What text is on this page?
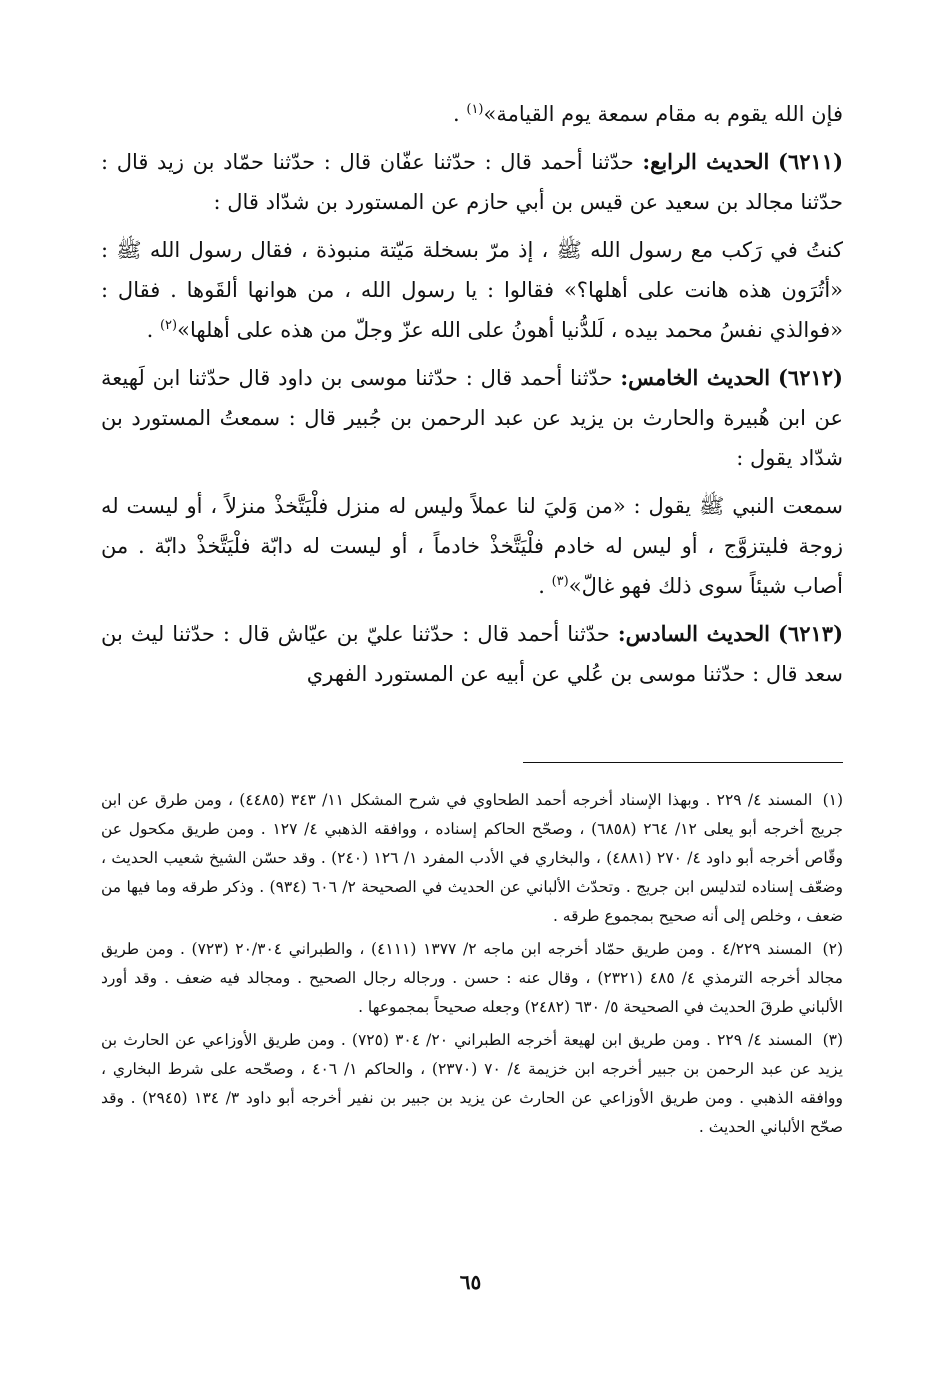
فإن الله يقوم به مقام سمعة يوم القيامة»$^{(١)}$ .

(٦٢١١) الحديث الرابع: حدّثنا أحمد قال : حدّثنا عفّان قال : حدّثنا حمّاد بن زيد قال : حدّثنا مجالد بن سعيد عن قيس بن أبي حازم عن المستورد بن شدّاد قال :

كنتُ في رَكب مع رسول الله ﷺ ، إذ مرّ بسخلة مَيّتة منبوذة ، فقال رسول الله ﷺ : «أتُرَون هذه هانت على أهلها؟» فقالوا : يا رسول الله ، من هوانها ألقَوها . فقال : «فوالذي نفسُ محمد بيده ، لَلدُّنيا أهونُ على الله عزّ وجلّ من هذه على أهلها»$^{(٢)}$ .

(٦٢١٢) الحديث الخامس: حدّثنا أحمد قال : حدّثنا موسى بن داود قال حدّثنا ابن لَهيعة عن ابن هُبيرة والحارث بن يزيد عن عبد الرحمن بن جُبير قال : سمعتُ المستورد بن شدّاد يقول :

سمعت النبي ﷺ يقول : «من وَليَ لنا عملاً وليس له منزل فلْيَتَّخذْ منزلاً ، أو ليست له زوجة فليتزوَّج ، أو ليس له خادم فلْيَتَّخذْ خادماً ، أو ليست له دابّة فلْيَتَّخذْ دابّة . من أصاب شيئاً سوى ذلك فهو غالّ»$^{(٣)}$ .

(٦٢١٣) الحديث السادس: حدّثنا أحمد قال : حدّثنا عليّ بن عيّاش قال : حدّثنا ليث بن سعد قال : حدّثنا موسى بن عُلي عن أبيه عن المستورد الفهري

(١) المسند ٤/ ٢٢٩ . وبهذا الإسناد أخرجه أحمد الطحاوي في شرح المشكل ١١/ ٣٤٣ (٤٤٨٥) ، ومن طرق عن ابن جريج أخرجه أبو يعلى ١٢/ ٢٦٤ (٦٨٥٨) ، وصحّح الحاكم إسناده ، ووافقه الذهبي ٤/ ١٢٧ . ومن طريق مكحول عن وقّاص أخرجه أبو داود ٤/ ٢٧٠ (٤٨٨١) ، والبخاري في الأدب المفرد ١/ ١٢٦ (٢٤٠) . وقد حسّن الشيخ شعيب الحديث ، وضعّف إسناده لتدليس ابن جريج . وتحدّث الألباني عن الحديث في الصحيحة ٢/ ٦٠٦ (٩٣٤) . وذكر طرقه وما فيها من ضعف ، وخلص إلى أنه صحيح بمجموع طرقه .

(٢) المسند ٤/٢٢٩ . ومن طريق حمّاد أخرجه ابن ماجه ٢/ ١٣٧٧ (٤١١١) ، والطبراني ٢٠/٣٠٤ (٧٢٣) . ومن طريق مجالد أخرجه الترمذي ٤/ ٤٨٥ (٢٣٢١) ، وقال عنه : حسن . ورجاله رجال الصحيح . ومجالد فيه ضعف . وقد أورد الألباني طرقَ الحديث في الصحيحة ٥/ ٦٣٠ (٢٤٨٢) وجعله صحيحاً بمجموعها .

(٣) المسند ٤/ ٢٢٩ . ومن طريق ابن لهيعة أخرجه الطبراني ٢٠/ ٣٠٤ (٧٢٥) . ومن طريق الأوزاعي عن الحارث بن يزيد عن عبد الرحمن بن جبير أخرجه ابن خزيمة ٤/ ٧٠ (٢٣٧٠) ، والحاكم ١/ ٤٠٦ ، وصحّحه على شرط البخاري ، ووافقه الذهبي . ومن طريق الأوزاعي عن الحارث عن يزيد بن جبير بن نفير أخرجه أبو داود ٣/ ١٣٤ (٢٩٤٥) . وقد صحّح الألباني الحديث .

٦٥
